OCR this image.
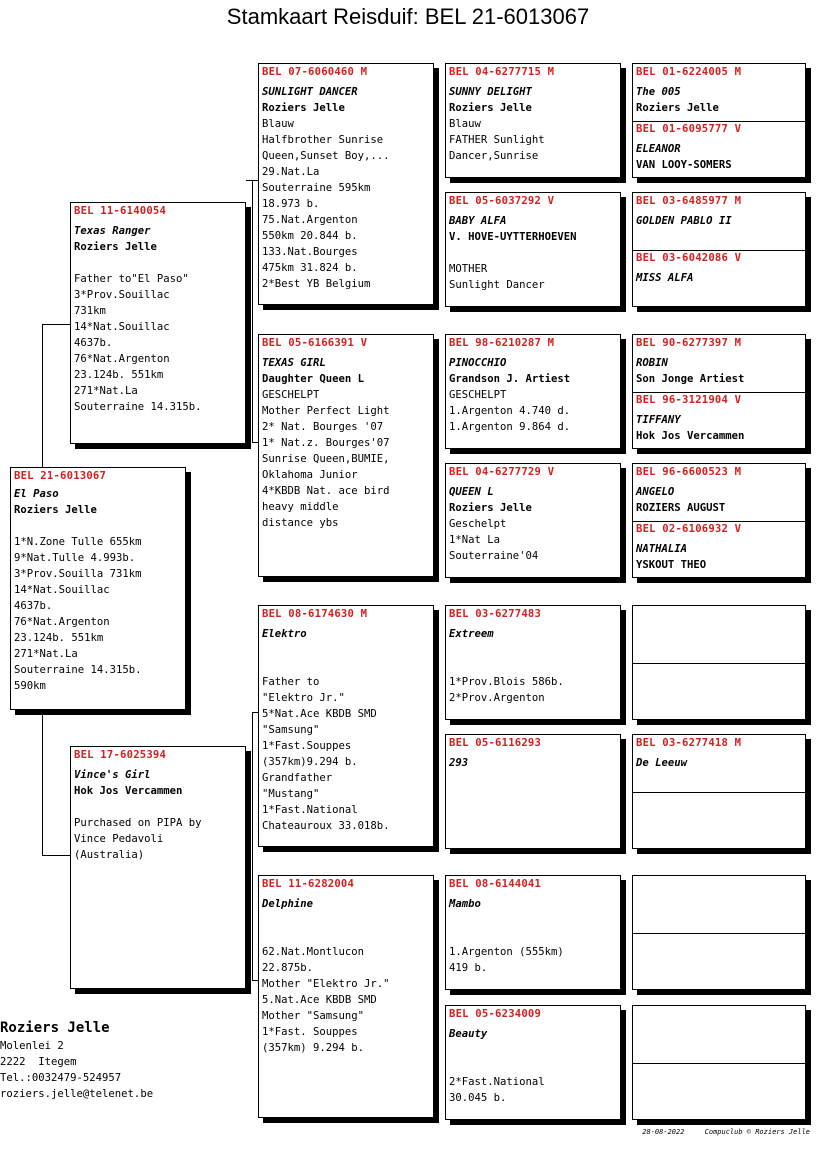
Stamkaart Reisduif: BEL 21-6013067
BEL 21-6013067
El Paso
Roziers Jelle
1*N.Zone Tulle 655km
9*Nat.Tulle 4.993b.
3*Prov.Souilla 731km
14*Nat.Souillac
4637b.
76*Nat.Argenton
23.124b. 551km
271*Nat.La
Souterraine 14.315b.
590km
BEL 11-6140054
Texas Ranger
Roziers Jelle
Father to"El Paso"
3*Prov.Souillac
731km
14*Nat.Souillac
4637b.
76*Nat.Argenton
23.124b. 551km
271*Nat.La
Souterraine 14.315b.
BEL 17-6025394
Vince's Girl
Hok Jos Vercammen
Purchased on PIPA by
Vince Pedavoli
(Australia)
BEL 07-6060460 M
SUNLIGHT DANCER
Roziers Jelle
Blauw
Halfbrother Sunrise
Queen,Sunset Boy,...
29.Nat.La
Souterraine 595km
18.973 b.
75.Nat.Argenton
550km 20.844 b.
133.Nat.Bourges
475km 31.824 b.
2*Best YB Belgium
BEL 05-6166391 V
TEXAS GIRL
Daughter Queen L
GESCHELPT
Mother Perfect Light
2* Nat. Bourges '07
1* Nat.z. Bourges'07
Sunrise Queen,BUMIE,
Oklahoma Junior
4*KBDB Nat. ace bird
heavy middle
distance ybs
BEL 08-6174630 M
Elektro
Father to
"Elektro Jr."
5*Nat.Ace KBDB SMD
"Samsung"
1*Fast.Souppes
(357km)9.294 b.
Grandfather
"Mustang"
1*Fast.National
Chateauroux 33.018b.
BEL 11-6282004
Delphine
62.Nat.Montlucon
22.875b.
Mother "Elektro Jr."
5.Nat.Ace KBDB SMD
Mother "Samsung"
1*Fast. Souppes
(357km) 9.294 b.
BEL 04-6277715 M
SUNNY DELIGHT
Roziers Jelle
Blauw
FATHER Sunlight
Dancer,Sunrise
BEL 05-6037292 V
BABY ALFA
V. HOVE-UYTTERHOEVEN
MOTHER
Sunlight Dancer
BEL 98-6210287 M
PINOCCHIO
Grandson J. Artiest
GESCHELPT
1.Argenton 4.740 d.
1.Argenton 9.864 d.
BEL 04-6277729 V
QUEEN L
Roziers Jelle
Geschelpt
1*Nat La
Souterraine'04
BEL 03-6277483
Extreem
1*Prov.Blois 586b.
2*Prov.Argenton
BEL 05-6116293
293
BEL 08-6144041
Mambo
1.Argenton (555km)
419 b.
BEL 05-6234009
Beauty
2*Fast.National
30.045 b.
BEL 01-6224005 M
The 005
Roziers Jelle
BEL 01-6095777 V
ELEANOR
VAN LOOY-SOMERS
BEL 03-6485977 M
GOLDEN PABLO II
BEL 03-6042086 V
MISS ALFA
BEL 90-6277397 M
ROBIN
Son Jonge Artiest
BEL 96-3121904 V
TIFFANY
Hok Jos Vercammen
BEL 96-6600523 M
ANGELO
ROZIERS AUGUST
BEL 02-6106932 V
NATHALIA
YSKOUT THEO
BEL 03-6277418 M
De Leeuw
Roziers Jelle
Molenlei 2
2222  Itegem
Tel.:0032479-524957
roziers.jelle@telenet.be
28-08-2022	Compuclub © Roziers Jelle
